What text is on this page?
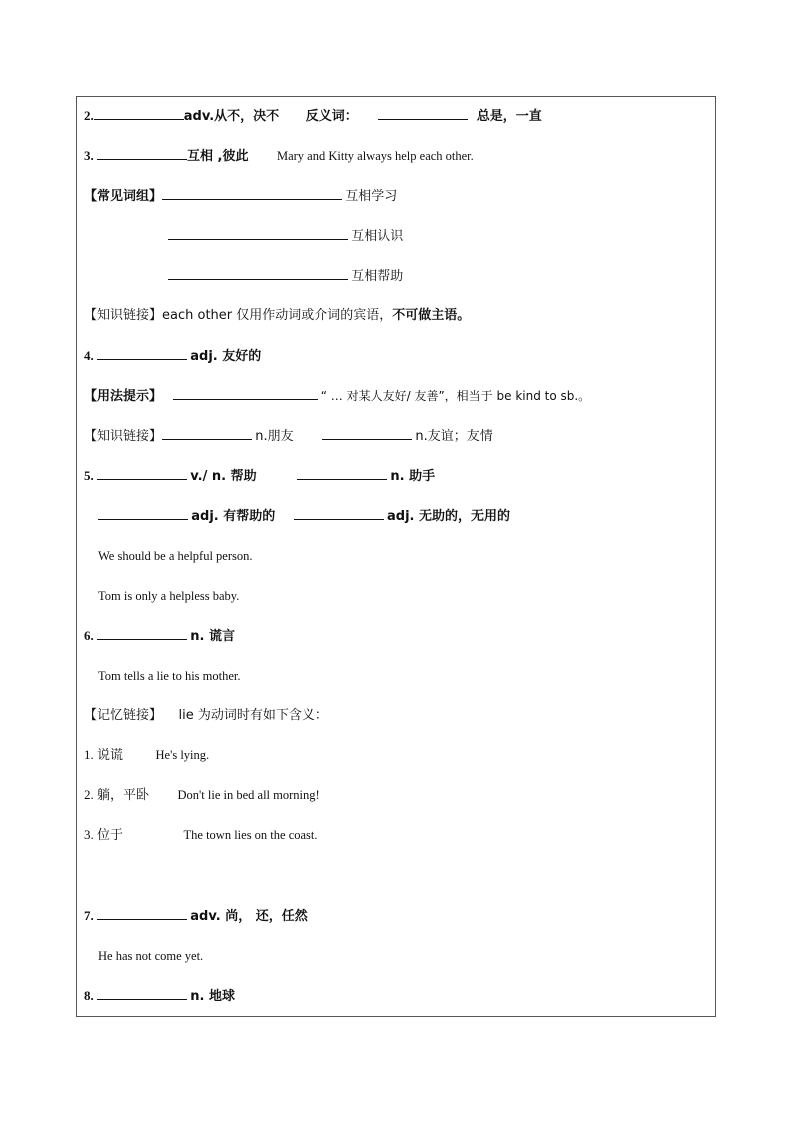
2.	adv.从不，决不 反义词：	总是，一直
3.	互相 ,彼此 Mary and Kitty always help each other.
【常见词组】	互相学习
互相认识
互相帮助
【知识链接】each other 仅用作动词或介词的宾语，不可做主语。
4.	adj. 友好的
【用法提示】	“ … 对某人友好/ 友善”，相当于 be kind to sb.。
【知识链接】	n.朋友	n.友谊；友情
5.	v./ n. 帮助	n. 助手
adj. 有帮助的	adj. 无助的，无用的
We should be a helpful person.
Tom is only a helpless baby.
6.	n. 谎言
Tom tells a lie to his mother.
【记忆链接】 lie 为动词时有如下含义：
1. 说谎	He's lying.
2. 躺，平卧 Don't lie in bed all morning!
3. 位于	The town lies on the coast.
7.	adv. 尚， 还，任然
He has not come yet.
8.	n. 地球
